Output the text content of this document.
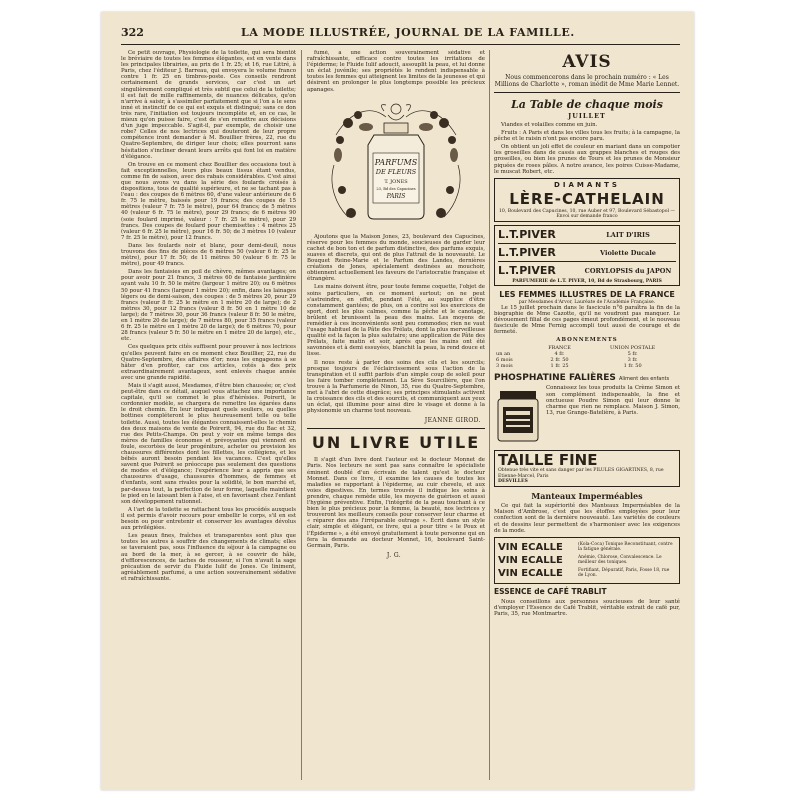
322	LA MODE ILLUSTRÉE, JOURNAL DE LA FAMILLE.

Ce petit ouvrage, Physiologie de la toilette, qui sera bientôt le bréviaire de toutes les femmes élégantes, est en vente dans les principales librairies, au prix de 1 fr. 25; et 16, rue Littré, à Paris, chez l'éditeur J. Barreau, qui envoyera le volume franco contre 1 fr. 25 en timbres-poste. Ces conseils rendront certainement de grands services, car c'est un art singulièrement compliqué et très subtil que celui de la toilette; il est fait de mille raffinements, de nuances délicates, qu'on n'arrive à saisir, à s'assimiler parfaitement que si l'on a le sens inné et instinctif de ce qui est exquis et distingué; sans ce don très rare, l'initiation est toujours incomplète et, en ce cas, le mieux qu'on puisse faire, c'est de s'en remettre aux décisions d'un juge impeccable. S'agit-il, par exemple, de choisir une robe? Celles de nos lectrices qui douteront de leur propre compétence iront demander à M. Bouillier frères, 22, rue du Quatre-Septembre, de diriger leur choix; elles pourront sans hésitation s'incliner devant leurs arrêts qui font loi en matière d'élégance.

On trouve en ce moment chez Bouillier des occasions tout à fait exceptionnelles, leurs plus beaux tissus étant vendus, comme fin de saison, avec des rabais considérables. C'est ainsi que nous avons vu dans la série des foulards croisés à dispositions, tous de qualité supérieure, et ne se tachant pas à l'eau : des coupes de 6 mètres 60, d'une valeur antérieure de 6 fr. 75 le mètre, baissés pour 19 francs; des coupes de 15 mètres (valeur 7 fr. 75 le mètre), pour 64 francs; de 5 mètres 40 (valeur 6 fr. 75 le mètre), pour 29 francs; de 6 mètres 90 (soie foulard imprimé, valeur : 7 fr. 25 le mètre), pour 29 francs. Des coupes de foulard pour chemisettes : 4 mètres 25 (valeur 6 fr. 25 le mètre), pour 16 fr. 50; de 3 mètres 10 (valeur 7 fr. 25 le mètre), pour 12 francs.

Dans les foulards noir et blanc, pour demi-deuil, nous trouvons des fins de pièces de 6 mètres 50 (valeur 6 fr. 25 le mètre), pour 17 fr. 50; de 11 mètres 50 (valeur 6 fr. 75 le mètre), pour 49 francs.

Dans les fantaisies en poil de chèvre, mêmes avantages; on pour avoir pour 21 francs, 3 mètres 60 de fantaisie jardinière ayant valu 10 fr. 50 le mètre (largeur 1 mètre 20); ou 6 mètres 50 pour 41 francs (largeur 1 mètre 20); enfin, dans les lainages légers ou de demi-saison, des coupes : de 5 mètres 20, pour 29 francs (valeur 8 fr. 25 le mètre en 1 mètre 20 de large); de 2 mètres 30, pour 12 francs (valeur 8 fr. 50 en 1 mètre 10 de large); de 7 mètres 30, pour 36 francs (valeur 8 fr. 50 le mètre, en 1 mètre 20 de large); de 7 mètres 80, pour 35 francs (valeur 6 fr. 25 le mètre en 1 mètre 20 de large); de 6 mètres 70, pour 28 francs (valeur 5 fr. 50 le mètre en 1 mètre 20 de large), etc., etc.

Ces quelques prix cités suffisent pour prouver à nos lectrices qu'elles peuvent faire en ce moment chez Bouillier, 22, rue du Quatre-Septembre, des affaires d'or; nous les engageons à se hâter d'en profiter, car ces articles, cotés à des prix extraordinairement avantageux, sont enlevés chaque année avec une grande rapidité.

Mais il s'agit aussi, Mesdames, d'être bien chaussée; or, c'est peut-être dans ce détail, auquel vous attachez une importance capitale, qu'il se commet le plus d'hérésies. Poirerit, le cordonnier modèle, se chargera de remettre les égarées dans le droit chemin. En leur indiquant quels souliers, ou quelles bottines compléteront le plus heureusement telle ou telle toilette. Aussi, toutes les élégantes connaissent-elles le chemin des deux maisons de vente de Poirerit, 94, rue du Bac et 32, rue des Petits-Champs. On peut y voir en même temps des mères de familles économes et prévoyantes qui viennent en foule, escortées de leur progéniture, acheter ou provision les chaussures différentes dont les fillettes, les collégiens, et les bébés auront besoin pendant les vacances. C'est qu'elles savent que Poirerit se préoccupe pas seulement des questions de modes et d'élégance; l'expérience leur a appris que ses chaussures d'usage, chaussures d'hommes, de femmes et d'enfants, sont sans rivales pour la solidité, le bon marché et, par-dessus tout, la perfection de leur forme, laquelle maintient le pied en le laissant bien à l'aise, et en favorisant chez l'enfant son développement rationnel.

A l'art de la toilette se rattachent tous les procédés auxquels il est permis d'avoir recours pour embellir le corps, s'il en est besoin ou pour entretenir et conserver les avantages dévolus aux privilégiées.

Les peaux fines, fraîches et transparentes sont plus que toutes les autres à souffrir des changements de climats; elles se taveraient pas, sous l'influence du séjour à la campagne ou au bord de la mer, à se gercer, à se couvrir de hâle, d'efflorescences, de taches de rousseur, si l'on n'avait la sage précaution de servir du Fluide Iulif de Jones. Ce liniment, agréablement parfumé, a une action souverainement sédative et rafraîchissante.

fumé, a une action souverainement sédative et rafraîchissante, efficace contre toutes les irritations de l'épiderme; le Fluide Iulif adoucit, assouplit la peau, et lui donne un éclat juvénile; ses propriétés le rendent indispensable à toutes les femmes qui atteignent les limites de la jeunesse et qui désirent en prolonger le plus longtemps possible les précieux apanages.

PARFUMS
DE FLEURS
T. JONES
23, Bd des Capucines
PARIS

Ajoutons que la Maison Jones, 23, boulevard des Capucines, réserve pour les femmes du monde, soucieuses de garder leur cachet de bon ton et de parfum distinctive, des parfums exquis, suaves et discrets, qui ont de plus l'attrait de la nouveauté. Le Bouquet Reine-Marie et le Parfum des Landes, dernières créations de Jones, spécialement destinées au mouchoir, obtiennent actuellement les faveurs de l'aristocratie française et étrangère.

Les mains doivent être, pour toute femme coquette, l'objet de soins particuliers, en ce moment surtout; on ne peut s'astreindre, en effet, pendant l'été, au supplice d'être constamment gantées; de plus, on a contre soi les exercices de sport, dont les plus calmes, comme la pêche et le canotage, brûlent et brunissent la peau des mains. Les moyens de remédier à ces inconvénients sont peu commodes; rien ne vaut l'usage habituel de la Pâte des Prélats, dont la plus merveilleuse qualité est la façon la plus salutaire; une application de Pâte des Prélats, faite matin et soir, après que les mains ont été savonnées et à demi essuyées, blanchit la peau, la rend douce et lisse.

Il nous reste à parler des soins des cils et les sourcils; presque toujours de l'éclaircissement sous l'action de la transpiration et il suffit parfois d'un simple coup de soleil pour les faire tomber complètement. La Sève Sourcilière, que l'on trouve à la Parfumerie de Ninon, 35, rue du Quatre-Septembre, met à l'abri de cette disgrâce; ses principes stimulants activent la croissance des cils et des sourcils, et communiquent aux yeux un éclat, qui illumine pour ainsi dire le visage et donne à la physionomie un charme tout nouveau.

JEANNE GIROD.
UN LIVRE UTILE

Il s'agit d'un livre dont l'auteur est le docteur Monnet de Paris. Nos lecteurs ne sont pas sans connaître le spécialiste éminent doublé d'un écrivain de talent qu'est le docteur Monnet. Dans ce livre, il examine les causes de toutes les maladies se rapportant à l'épiderme, au cuir chevelu, et aux voies digestives. En termes trouvés il indique les soins à prendre, chaque remède utile, les moyens de guérison et aussi l'hygiène préventive. Enfin, l'intégrité de la peau touchant à ce bien le plus précieux pour la femme, la beauté, nos lectrices y trouveront les meilleurs conseils pour conserver leur charme et « réparer des ans l'irréparable outrage ». Écrit dans un style clair, simple et élégant, ce livre, qui a pour titre « le Poux et l'Épiderme », a été envoyé gratuitement à toute personne qui en fera la demande au docteur Monnet, 16, boulevard Saint-Germain, Paris.

J. G.
AVIS
Nous commencerons dans le prochain numéro : « Les Millions de Charlotte », roman inédit de Mme Marie Lennet.
La Table de chaque mois
JUILLET

Viandes et volailles comme en juin.

Fruits : A Paris et dans les villes tous les fruits; à la campagne, la pêche et le raisin n'ont pas encore paru.

On obtient un joli effet de couleur en mariant dans un compotier les groseilles dans de cassis aux grappes blanches et rouges des groseilles, ou bien les prunes de Tours et les prunes de Monsieur piquées de roses pâles. A notre avance, les poires Cuisse-Madame, le muscat Robert, etc.

DIAMANTS
LÈRE-CATHELAIN
10, Boulevard des Capucines, 10, rue Auber et 97, Boulevard Sébastopol — Envoi sur demande franco
L.T.PIVER	LAIT D'IRIS
L.T.PIVER	Violette Ducale
L.T.PIVER	CORYLOPSIS du JAPON
PARFUMERIE de L.T. PIVER, 10, Bd de Strasbourg, PARIS
LES FEMMES ILLUSTRES DE LA FRANCE
par Mesdames d'Arvor, Lauréate de l'Académie Française.

Le 15 juillet prochain dans le fascicule n°6 paraîtra la fin de la biographie de Mme Cazotte, qu'il ne voudront pas manquer. Le dévouement filial de ces pages émeut profondément, et le nouveau fascicule de Mme Fernig accompli tout aussi de courage et de fermeté.

ABONNEMENTS
	FRANCE	UNION POSTALE
un an	4 fr.	5 fr.
6 mois	2 fr. 50	3 fr.
3 mois	1 fr. 25	1 fr. 50
PHOSPHATINE FALIÈRES Aliment des enfants

Connaissez les tous produits la Crème Simon et son complément indispensable, la fine et onctueuse Poudre Simon qui leur donne le charme que rien ne remplace. Maison J. Simon, 13, rue Grange-Batelière, à Paris.

TAILLE FINE
Obtenue très vite et sans danger par les PILULES GIGARTINES, 8, rue Etienne-Marcel, Paris
DESVILLES
Manteaux Imperméables

Ce qui fait la supériorité des Manteaux Imperméables de la Maison d'Ambrose, c'est que les étoffes employées pour leur confection sont de la dernière nouveauté. Les variétés de couleurs et de dessins leur permettent de s'harmoniser avec les exigences de la mode.

VIN ECALLE	(Kola-Coca) Tonique Reconstituant, contre la fatigue générale.
VIN ECALLE	Anémie, Chlorose, Convalescence. Le meilleur des toniques.
VIN ECALLE	Fortifiant, Dépuratif, Paris, Fosse 18, rue de Lyon.
ESSENCE de CAFÉ TRABLIT

Nous conseillons aux personnes soucieuses de leur santé d'employer l'Essence de Café Trablit, véritable extrait de café pur, Paris, 35, rue Montmartre.
